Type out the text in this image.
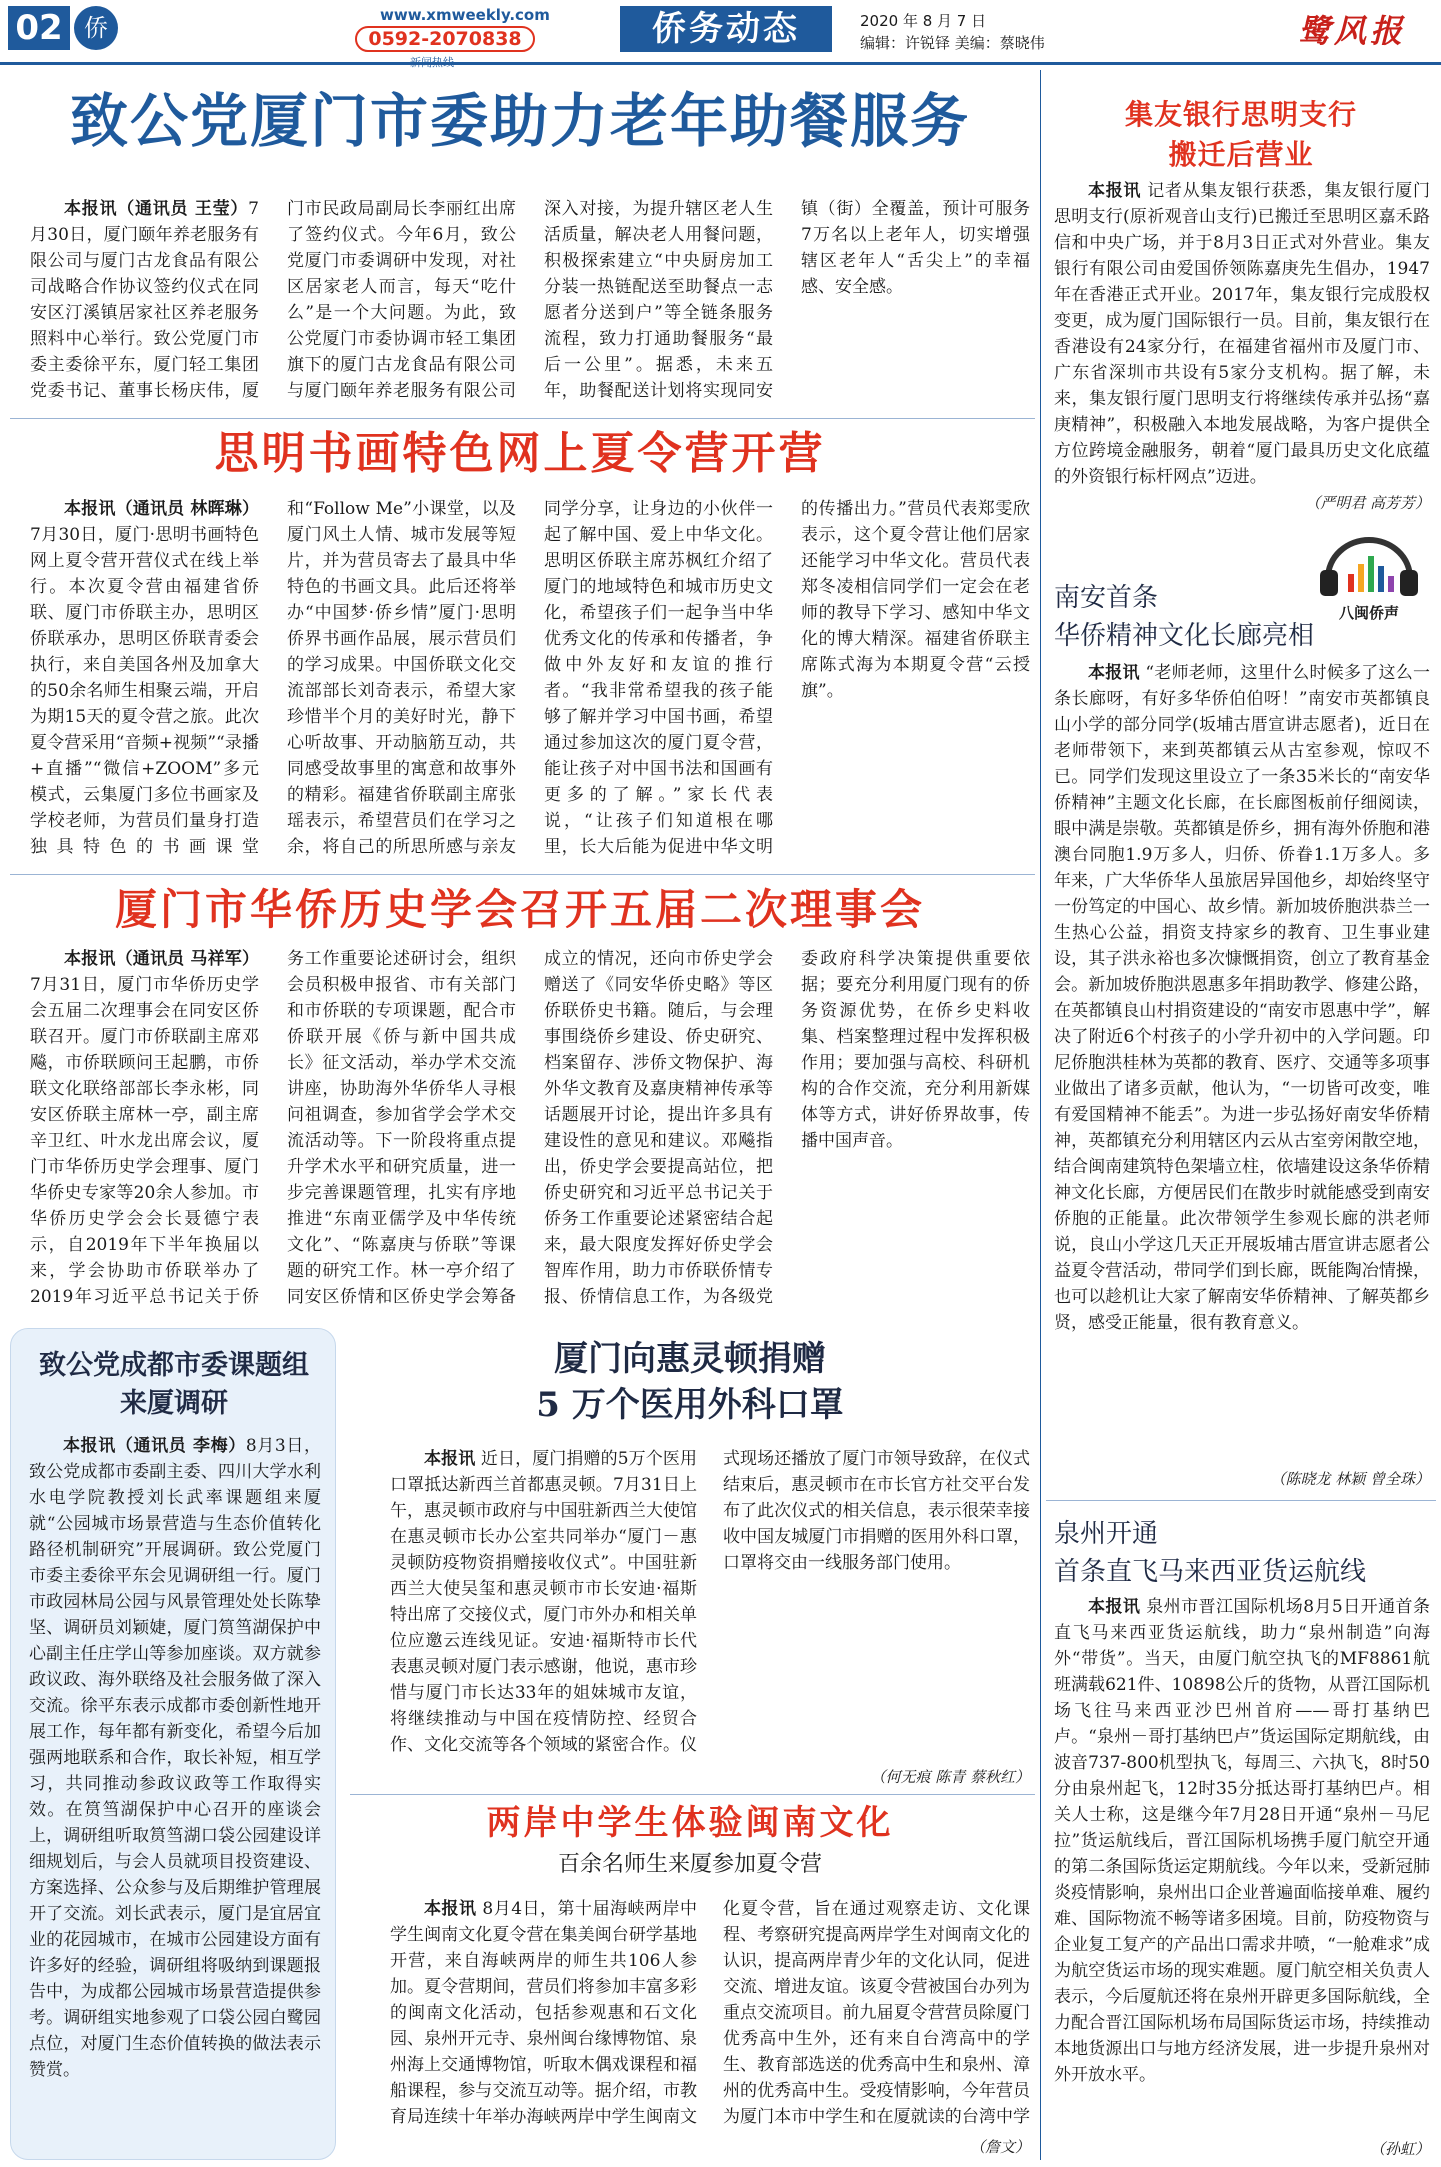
02 侨	www.xmweekly.com
0592-2070838	侨务动态	2020 年 8 月 7 日
编辑：许锐铎 美编：蔡晓伟	鹭风报
致公党厦门市委助力老年助餐服务
本报讯（通讯员 王莹）7月30日，厦门颐年养老服务有限公司与厦门古龙食品有限公司战略合作协议签约仪式在同安区汀溪镇居家社区养老服务照料中心举行。致公党厦门市委主委徐平东，厦门轻工集团党委书记、董事长杨庆伟，厦门市民政局副局长李丽红出席了签约仪式。今年6月，致公党厦门市委调研中发现，对社区居家老人而言，每天“吃什么”是一个大问题。为此，致公党厦门市委协调市轻工集团旗下的厦门古龙食品有限公司与厦门颐年养老服务有限公司深入对接，为提升辖区老人生活质量，解决老人用餐问题，积极探索建立“中央厨房加工分装一热链配送至助餐点一志愿者分送到户”等全链条服务流程，致力打通助餐服务“最后一公里”。据悉，未来五年，助餐配送计划将实现同安镇（街）全覆盖，预计可服务7万名以上老年人，切实增强辖区老年人“舌尖上”的幸福感、安全感。
思明书画特色网上夏令营开营
本报讯（通讯员 林晖琳）7月30日，厦门·思明书画特色网上夏令营开营仪式在线上举行。本次夏令营由福建省侨联、厦门市侨联主办，思明区侨联承办，思明区侨联青委会执行，来自美国各州及加拿大的50余名师生相聚云端，开启为期15天的夏令营之旅。此次夏令营采用“音频+视频”“录播+直播”“微信+ZOOM”多元模式，云集厦门多位书画家及学校老师，为营员们量身打造独具特色的书画课堂和“Follow Me”小课堂，以及厦门风土人情、城市发展等短片，并为营员寄去了最具中华特色的书画文具。此后还将举办“中国梦·侨乡情”厦门·思明侨界书画作品展，展示营员们的学习成果。中国侨联文化交流部部长刘奇表示，希望大家珍惜半个月的美好时光，静下心听故事、开动脑筋互动，共同感受故事里的寓意和故事外的精彩。福建省侨联副主席张瑶表示，希望营员们在学习之余，将自己的所思所感与亲友同学分享，让身边的小伙伴一起了解中国、爱上中华文化。思明区侨联主席苏枫红介绍了厦门的地域特色和城市历史文化，希望孩子们一起争当中华优秀文化的传承和传播者，争做中外友好和友谊的推行者。“我非常希望我的孩子能够了解并学习中国书画，希望通过参加这次的厦门夏令营，能让孩子对中国书法和国画有更多的了解。”家长代表说，“让孩子们知道根在哪里，长大后能为促进中华文明的传播出力。”营员代表郑雯欣表示，这个夏令营让他们居家还能学习中华文化。营员代表郑冬凌相信同学们一定会在老师的教导下学习、感知中华文化的博大精深。福建省侨联主席陈式海为本期夏令营“云授旗”。
厦门市华侨历史学会召开五届二次理事会
本报讯（通讯员 马祥军）7月31日，厦门市华侨历史学会五届二次理事会在同安区侨联召开。厦门市侨联副主席邓飚，市侨联顾问王起鹏，市侨联文化联络部部长李永彬，同安区侨联主席林一亭，副主席辛卫红、叶水龙出席会议，厦门市华侨历史学会理事、厦门华侨史专家等20余人参加。市华侨历史学会会长聂德宁表示，自2019年下半年换届以来，学会协助市侨联举办了2019年习近平总书记关于侨务工作重要论述研讨会，组织会员积极申报省、市有关部门和市侨联的专项课题，配合市侨联开展《侨与新中国共成长》征文活动，举办学术交流讲座，协助海外华侨华人寻根问祖调查，参加省学会学术交流活动等。下一阶段将重点提升学术水平和研究质量，进一步完善课题管理，扎实有序地推进“东南亚儒学及中华传统文化”、“陈嘉庚与侨联”等课题的研究工作。林一亭介绍了同安区侨情和区侨史学会筹备成立的情况，还向市侨史学会赠送了《同安华侨史略》等区侨联侨史书籍。随后，与会理事围绕侨乡建设、侨史研究、档案留存、涉侨文物保护、海外华文教育及嘉庚精神传承等话题展开讨论，提出许多具有建设性的意见和建议。邓飚指出，侨史学会要提高站位，把侨史研究和习近平总书记关于侨务工作重要论述紧密结合起来，最大限度发挥好侨史学会智库作用，助力市侨联侨情专报、侨情信息工作，为各级党委政府科学决策提供重要依据；要充分利用厦门现有的侨务资源优势，在侨乡史料收集、档案整理过程中发挥积极作用；要加强与高校、科研机构的合作交流，充分利用新媒体等方式，讲好侨界故事，传播中国声音。
致公党成都市委课题组
来厦调研
本报讯（通讯员 李梅）8月3日，致公党成都市委副主委、四川大学水利水电学院教授刘长武率课题组来厦就“公园城市场景营造与生态价值转化路径机制研究”开展调研。致公党厦门市委主委徐平东会见调研组一行。厦门市政园林局公园与风景管理处处长陈挚坚、调研员刘颖婕，厦门筼筜湖保护中心副主任庄学山等参加座谈。双方就参政议政、海外联络及社会服务做了深入交流。徐平东表示成都市委创新性地开展工作，每年都有新变化，希望今后加强两地联系和合作，取长补短，相互学习，共同推动参政议政等工作取得实效。在筼筜湖保护中心召开的座谈会上，调研组听取筼筜湖口袋公园建设详细规划后，与会人员就项目投资建设、方案选择、公众参与及后期维护管理展开了交流。刘长武表示，厦门是宜居宜业的花园城市，在城市公园建设方面有许多好的经验，调研组将吸纳到课题报告中，为成都公园城市场景营造提供参考。调研组实地参观了口袋公园白鹭园点位，对厦门生态价值转换的做法表示赞赏。
厦门向惠灵顿捐赠
5 万个医用外科口罩
本报讯 近日，厦门捐赠的5万个医用口罩抵达新西兰首都惠灵顿。7月31日上午，惠灵顿市政府与中国驻新西兰大使馆在惠灵顿市长办公室共同举办“厦门－惠灵顿防疫物资捐赠接收仪式”。中国驻新西兰大使吴玺和惠灵顿市市长安迪·福斯特出席了交接仪式，厦门市外办和相关单位应邀云连线见证。安迪·福斯特市长代表惠灵顿对厦门表示感谢，他说，惠市珍惜与厦门市长达33年的姐妹城市友谊，将继续推动与中国在疫情防控、经贸合作、文化交流等各个领域的紧密合作。仪式现场还播放了厦门市领导致辞，在仪式结束后，惠灵顿市在市长官方社交平台发布了此次仪式的相关信息，表示很荣幸接收中国友城厦门市捐赠的医用外科口罩，口罩将交由一线服务部门使用。
（何无痕 陈青 蔡秋红）
两岸中学生体验闽南文化
百余名师生来厦参加夏令营
本报讯 8月4日，第十届海峡两岸中学生闽南文化夏令营在集美闽台研学基地开营，来自海峡两岸的师生共106人参加。夏令营期间，营员们将参加丰富多彩的闽南文化活动，包括参观惠和石文化园、泉州开元寺、泉州闽台缘博物馆、泉州海上交通博物馆，听取木偶戏课程和福船课程，参与交流互动等。据介绍，市教育局连续十年举办海峡两岸中学生闽南文化夏令营，旨在通过观察走访、文化课程、考察研究提高两岸学生对闽南文化的认识，提高两岸青少年的文化认同，促进交流、增进友谊。该夏令营被国台办列为重点交流项目。前九届夏令营营员除厦门优秀高中生外，还有来自台湾高中的学生、教育部选送的优秀高中生和泉州、漳州的优秀高中生。受疫情影响，今年营员为厦门本市中学生和在厦就读的台湾中学
（詹文）
集友银行思明支行
搬迁后营业
本报讯 记者从集友银行获悉，集友银行厦门思明支行(原祈观音山支行)已搬迁至思明区嘉禾路信和中央广场，并于8月3日正式对外营业。集友银行有限公司由爱国侨领陈嘉庚先生倡办，1947年在香港正式开业。2017年，集友银行完成股权变更，成为厦门国际银行一员。目前，集友银行在香港设有24家分行，在福建省福州市及厦门市、广东省深圳市共设有5家分支机构。据了解，未来，集友银行厦门思明支行将继续传承并弘扬“嘉庚精神”，积极融入本地发展战略，为客户提供全方位跨境金融服务，朝着“厦门最具历史文化底蕴的外资银行标杆网点”迈进。
（严明君 高芳芳）
八闽侨声
南安首条
华侨精神文化长廊亮相
本报讯 “老师老师，这里什么时候多了这么一条长廊呀，有好多华侨伯伯呀！”南安市英都镇良山小学的部分同学(坂埔古厝宣讲志愿者)，近日在老师带领下，来到英都镇云从古室参观，惊叹不已。同学们发现这里设立了一条35米长的“南安华侨精神”主题文化长廊，在长廊图板前仔细阅读，眼中满是崇敬。英都镇是侨乡，拥有海外侨胞和港澳台同胞1.9万多人，归侨、侨眷1.1万多人。多年来，广大华侨华人虽旅居异国他乡，却始终坚守一份笃定的中国心、故乡情。新加坡侨胞洪恭兰一生热心公益，捐资支持家乡的教育、卫生事业建设，其子洪永裕也多次慷慨捐资，创立了教育基金会。新加坡侨胞洪恩惠多年捐助教学、修建公路，在英都镇良山村捐资建设的“南安市恩惠中学”，解决了附近6个村孩子的小学升初中的入学问题。印尼侨胞洪桂林为英都的教育、医疗、交通等多项事业做出了诸多贡献，他认为，“一切皆可改变，唯有爱国精神不能丢”。为进一步弘扬好南安华侨精神，英都镇充分利用辖区内云从古室旁闲散空地，结合闽南建筑特色架墙立柱，依墙建设这条华侨精神文化长廊，方便居民们在散步时就能感受到南安侨胞的正能量。此次带领学生参观长廊的洪老师说，良山小学这几天正开展坂埔古厝宣讲志愿者公益夏令营活动，带同学们到长廊，既能陶冶情操，也可以趁机让大家了解南安华侨精神、了解英都乡贤，感受正能量，很有教育意义。
（陈晓龙 林颖 曾全珠）
泉州开通
首条直飞马来西亚货运航线
本报讯 泉州市晋江国际机场8月5日开通首条直飞马来西亚货运航线，助力“泉州制造”向海外“带货”。当天，由厦门航空执飞的MF8861航班满载621件、10898公斤的货物，从晋江国际机场飞往马来西亚沙巴州首府——哥打基纳巴卢。“泉州－哥打基纳巴卢”货运国际定期航线，由波音737-800机型执飞，每周三、六执飞，8时50分由泉州起飞，12时35分抵达哥打基纳巴卢。相关人士称，这是继今年7月28日开通“泉州－马尼拉”货运航线后，晋江国际机场携手厦门航空开通的第二条国际货运定期航线。今年以来，受新冠肺炎疫情影响，泉州出口企业普遍面临接单难、履约难、国际物流不畅等诸多困境。目前，防疫物资与企业复工复产的产品出口需求井喷，“一舱难求”成为航空货运市场的现实难题。厦门航空相关负责人表示，今后厦航还将在泉州开辟更多国际航线，全力配合晋江国际机场布局国际货运市场，持续推动本地货源出口与地方经济发展，进一步提升泉州对外开放水平。
（孙虹）
